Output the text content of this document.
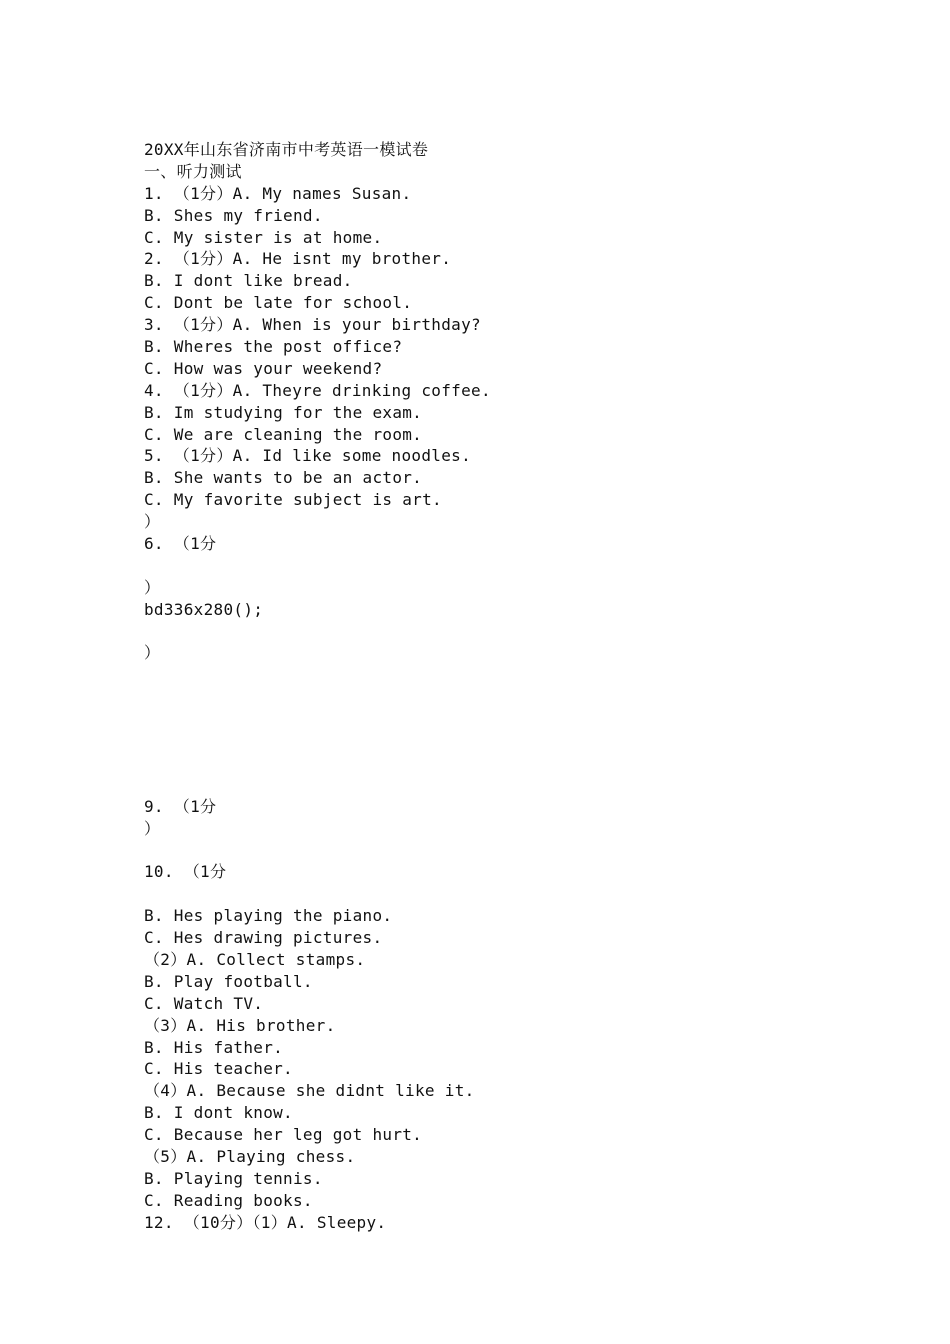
20XX年山东省济南市中考英语一模试卷
一、听力测试
1. （1分）A. My names Susan.
B. Shes my friend.
C. My sister is at home.
2. （1分）A. He isnt my brother.
B. I dont like bread.
C. Dont be late for school.
3. （1分）A. When is your birthday?
B. Wheres the post office?
C. How was your weekend?
4. （1分）A. Theyre drinking coffee.
B. Im studying for the exam.
C. We are cleaning the room.
5. （1分）A. Id like some noodles.
B. She wants to be an actor.
C. My favorite subject is art.
）
6. （1分
）
bd336x280();
）
9. （1分
）
10. （1分
B. Hes playing the piano.
C. Hes drawing pictures.
（2）A. Collect stamps.
B. Play football.
C. Watch TV.
（3）A. His brother.
B. His father.
C. His teacher.
（4）A. Because she didnt like it.
B. I dont know.
C. Because her leg got hurt.
（5）A. Playing chess.
B. Playing tennis.
C. Reading books.
12. （10分）（1）A. Sleepy.
